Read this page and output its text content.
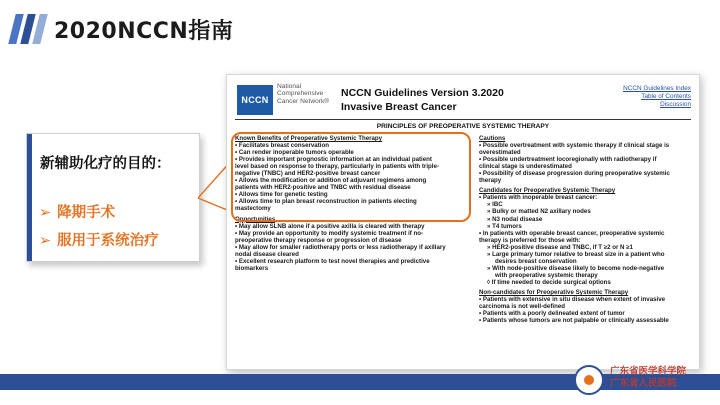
2020NCCN指南
新辅助化疗的目的：
➢ 降期手术
➢ 服用于系统治疗
NCCN
National Comprehensive Cancer Network®
NCCN Guidelines Version 3.2020
Invasive Breast Cancer
NCCN Guidelines Index
Table of Contents
Discussion
PRINCIPLES OF PREOPERATIVE SYSTEMIC THERAPY
Known Benefits of Preoperative Systemic Therapy
• Facilitates breast conservation
• Can render inoperable tumors operable
• Provides important prognostic information at an individual patient
level based on response to therapy, particularly in patients with triple-
negative (TNBC) and HER2-positive breast cancer
• Allows the modification or addition of adjuvant regimens among
patients with HER2-positive and TNBC with residual disease
• Allows time for genetic testing
• Allows time to plan breast reconstruction in patients electing
mastectomy
Opportunities
• May allow SLNB alone if a positive axilla is cleared with therapy
• May provide an opportunity to modify systemic treatment if no-
preoperative therapy response or progression of disease
• May allow for smaller radiotherapy ports or less radiotherapy if axillary
nodal disease cleared
• Excellent research platform to test novel therapies and predictive
biomarkers
Cautions
• Possible overtreatment with systemic therapy if clinical stage is
overestimated
• Possible undertreatment locoregionally with radiotherapy if
clinical stage is underestimated
• Possibility of disease progression during preoperative systemic
therapy
Candidates for Preoperative Systemic Therapy
• Patients with inoperable breast cancer:
» IBC
» Bulky or matted N2 axillary nodes
» N3 nodal disease
» T4 tumors
• In patients with operable breast cancer, preoperative systemic
therapy is preferred for those with:
» HER2-positive disease and TNBC, if T ≥2 or N ≥1
» Large primary tumor relative to breast size in a patient who
desires breast conservation
» With node-positive disease likely to become node-negative
with preoperative systemic therapy
◊ If time needed to decide surgical options
Non-candidates for Preoperative Systemic Therapy
• Patients with extensive in situ disease when extent of invasive
carcinoma is not well-defined
• Patients with a poorly delineated extent of tumor
• Patients whose tumors are not palpable or clinically assessable
广东省医学科学院
广东省人民医院
